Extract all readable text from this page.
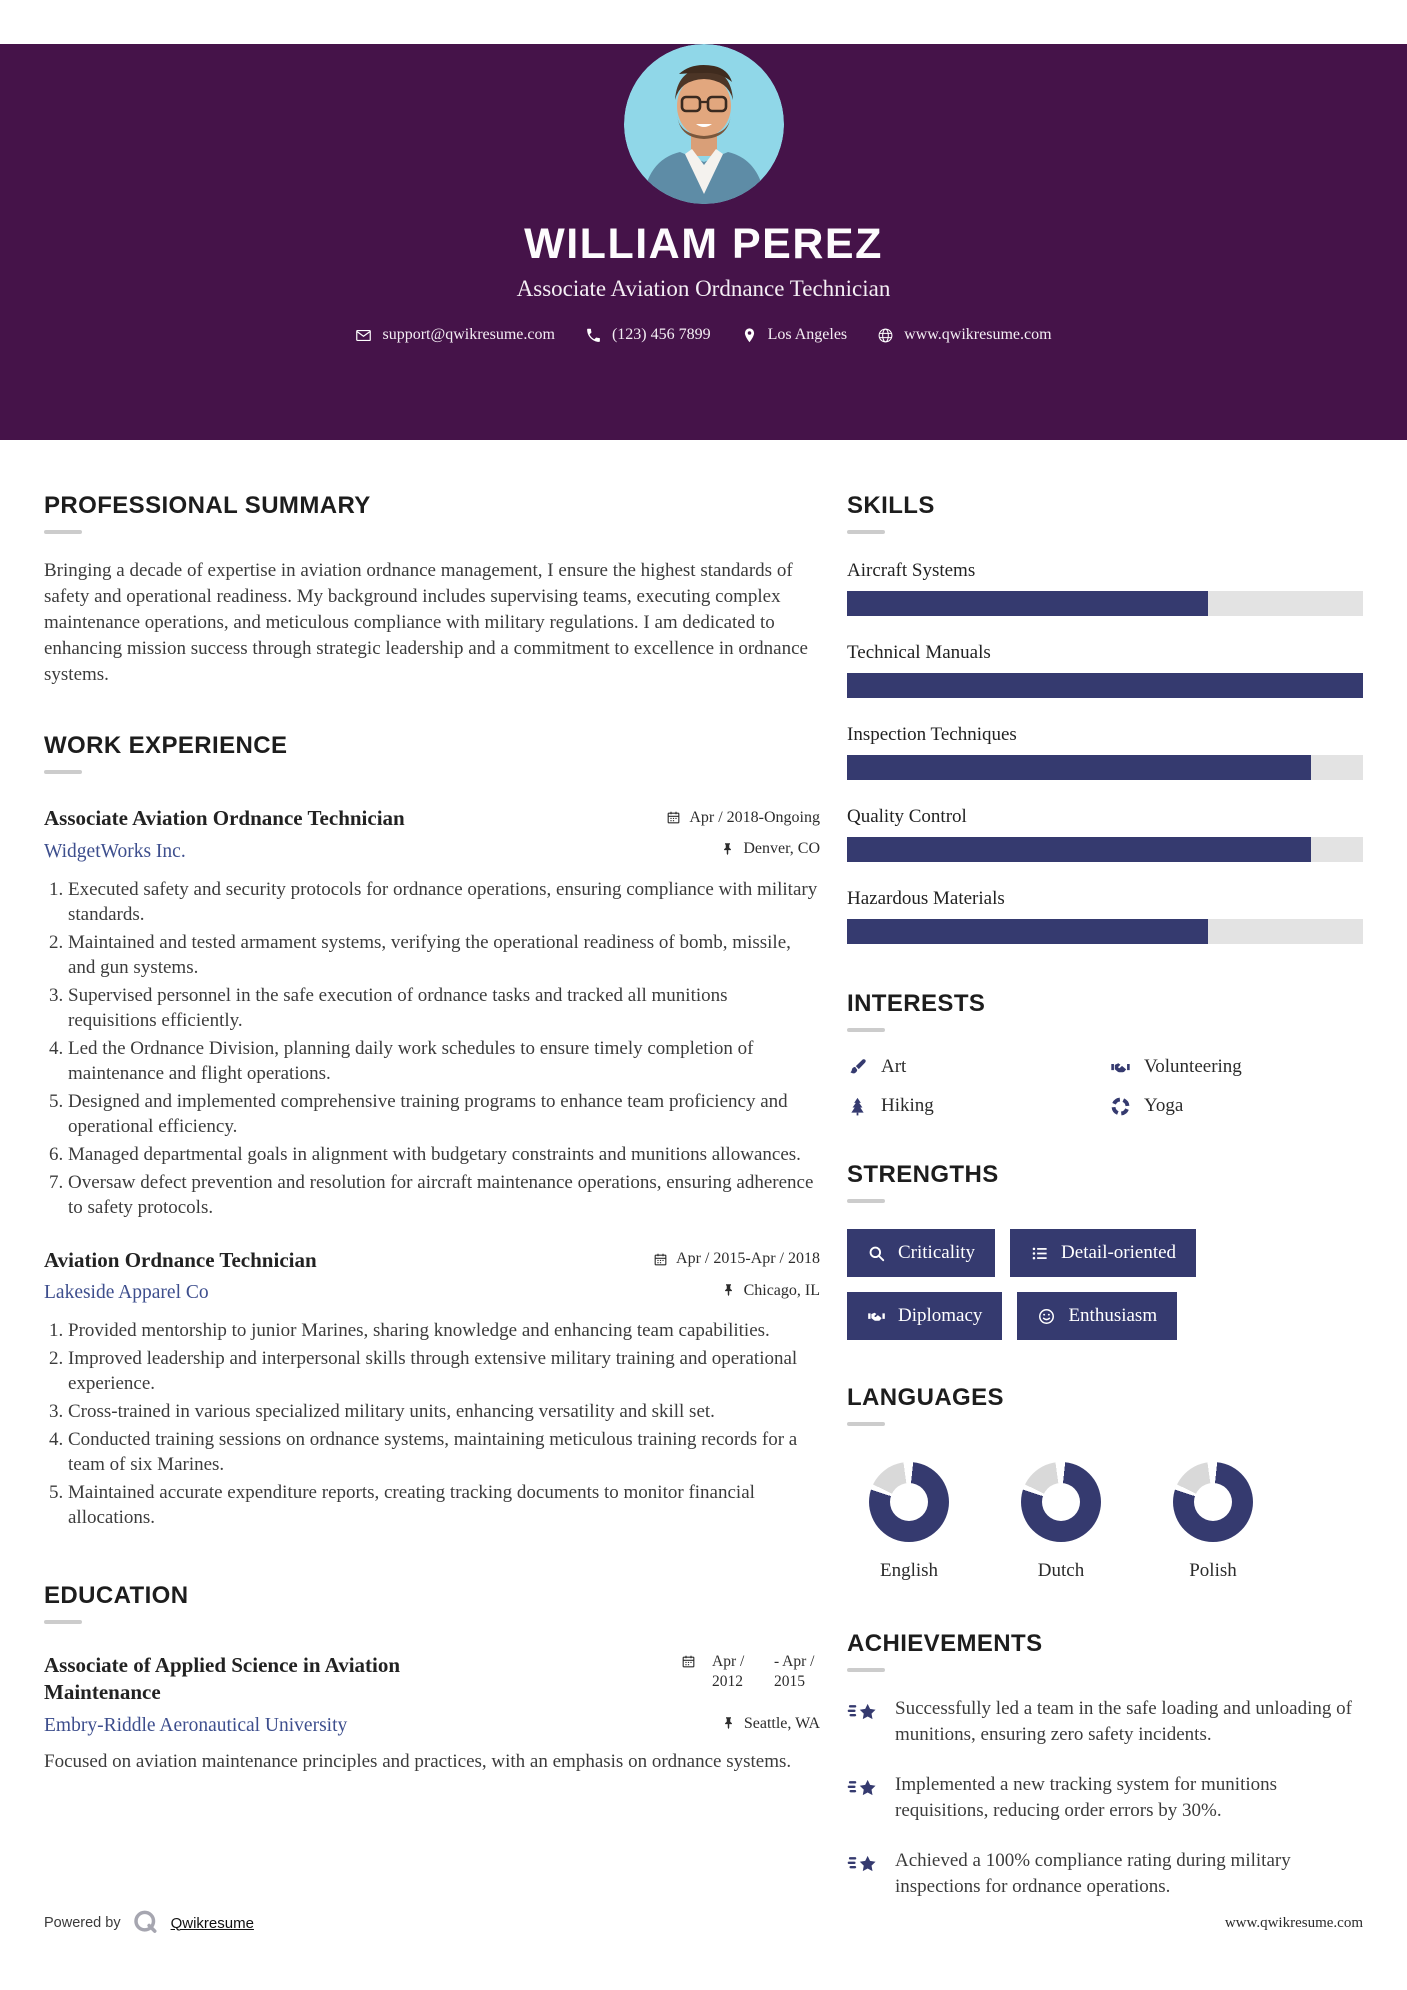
WILLIAM PEREZ
Associate Aviation Ordnance Technician
support@qwikresume.com	(123) 456 7899	Los Angeles	www.qwikresume.com
PROFESSIONAL SUMMARY

Bringing a decade of expertise in aviation ordnance management, I ensure the highest standards of safety and operational readiness. My background includes supervising teams, executing complex maintenance operations, and meticulous compliance with military regulations. I am dedicated to enhancing mission success through strategic leadership and a commitment to excellence in ordnance systems.

WORK EXPERIENCE
Associate Aviation Ordnance Technician	Apr / 2018-Ongoing
WidgetWorks Inc.	Denver, CO
1. Executed safety and security protocols for ordnance operations, ensuring compliance with military standards.
2. Maintained and tested armament systems, verifying the operational readiness of bomb, missile, and gun systems.
3. Supervised personnel in the safe execution of ordnance tasks and tracked all munitions requisitions efficiently.
4. Led the Ordnance Division, planning daily work schedules to ensure timely completion of maintenance and flight operations.
5. Designed and implemented comprehensive training programs to enhance team proficiency and operational efficiency.
6. Managed departmental goals in alignment with budgetary constraints and munitions allowances.
7. Oversaw defect prevention and resolution for aircraft maintenance operations, ensuring adherence to safety protocols.
Aviation Ordnance Technician	Apr / 2015-Apr / 2018
Lakeside Apparel Co	Chicago, IL
1. Provided mentorship to junior Marines, sharing knowledge and enhancing team capabilities.
2. Improved leadership and interpersonal skills through extensive military training and operational experience.
3. Cross-trained in various specialized military units, enhancing versatility and skill set.
4. Conducted training sessions on ordnance systems, maintaining meticulous training records for a team of six Marines.
5. Maintained accurate expenditure reports, creating tracking documents to monitor financial allocations.
EDUCATION
Associate of Applied Science in Aviation Maintenance
Apr / 2012
- Apr / 2015
Embry-Riddle Aeronautical University	Seattle, WA

Focused on aviation maintenance principles and practices, with an emphasis on ordnance systems.

SKILLS
Aircraft Systems
Technical Manuals
Inspection Techniques
Quality Control
Hazardous Materials
INTERESTS
Art	Volunteering
Hiking	Yoga
STRENGTHS
Criticality	Detail-oriented
Diplomacy	Enthusiasm
LANGUAGES
English	Dutch	Polish
ACHIEVEMENTS

Successfully led a team in the safe loading and unloading of munitions, ensuring zero safety incidents.

Implemented a new tracking system for munitions requisitions, reducing order errors by 30%.

Achieved a 100% compliance rating during military inspections for ordnance operations.

Powered by	Qwikresume	www.qwikresume.com
